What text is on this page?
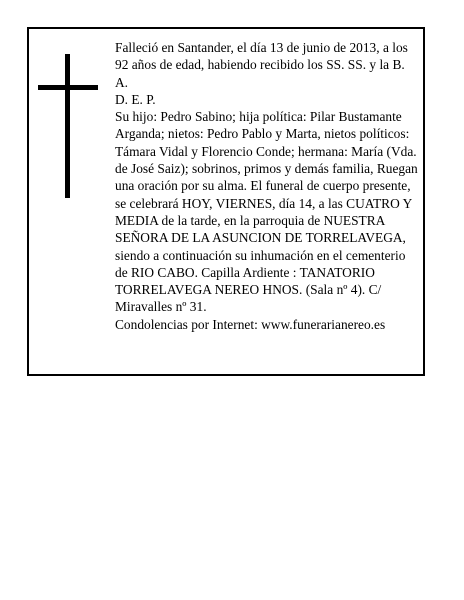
Falleció en Santander, el día 13 de junio de 2013, a los 92 años de edad, habiendo recibido los SS. SS. y la B. A.

D. E. P.

Su hijo: Pedro Sabino; hija política: Pilar Bustamante Arganda; nietos: Pedro Pablo y Marta, nietos políticos: Támara Vidal y Florencio Conde; hermana: María (Vda. de José Saiz); sobrinos, primos y demás familia, Ruegan una oración por su alma. El funeral de cuerpo presente, se celebrará HOY, VIERNES, día 14, a las CUATRO Y MEDIA de la tarde, en la parroquia de NUESTRA SEÑORA DE LA ASUNCION DE TORRELAVEGA, siendo a continuación su inhumación en el cementerio de RIO CABO. Capilla Ardiente : TANATORIO TORRELAVEGA NEREO HNOS. (Sala nº 4). C/ Miravalles nº 31.

Condolencias por Internet: www.funerarianereo.es
